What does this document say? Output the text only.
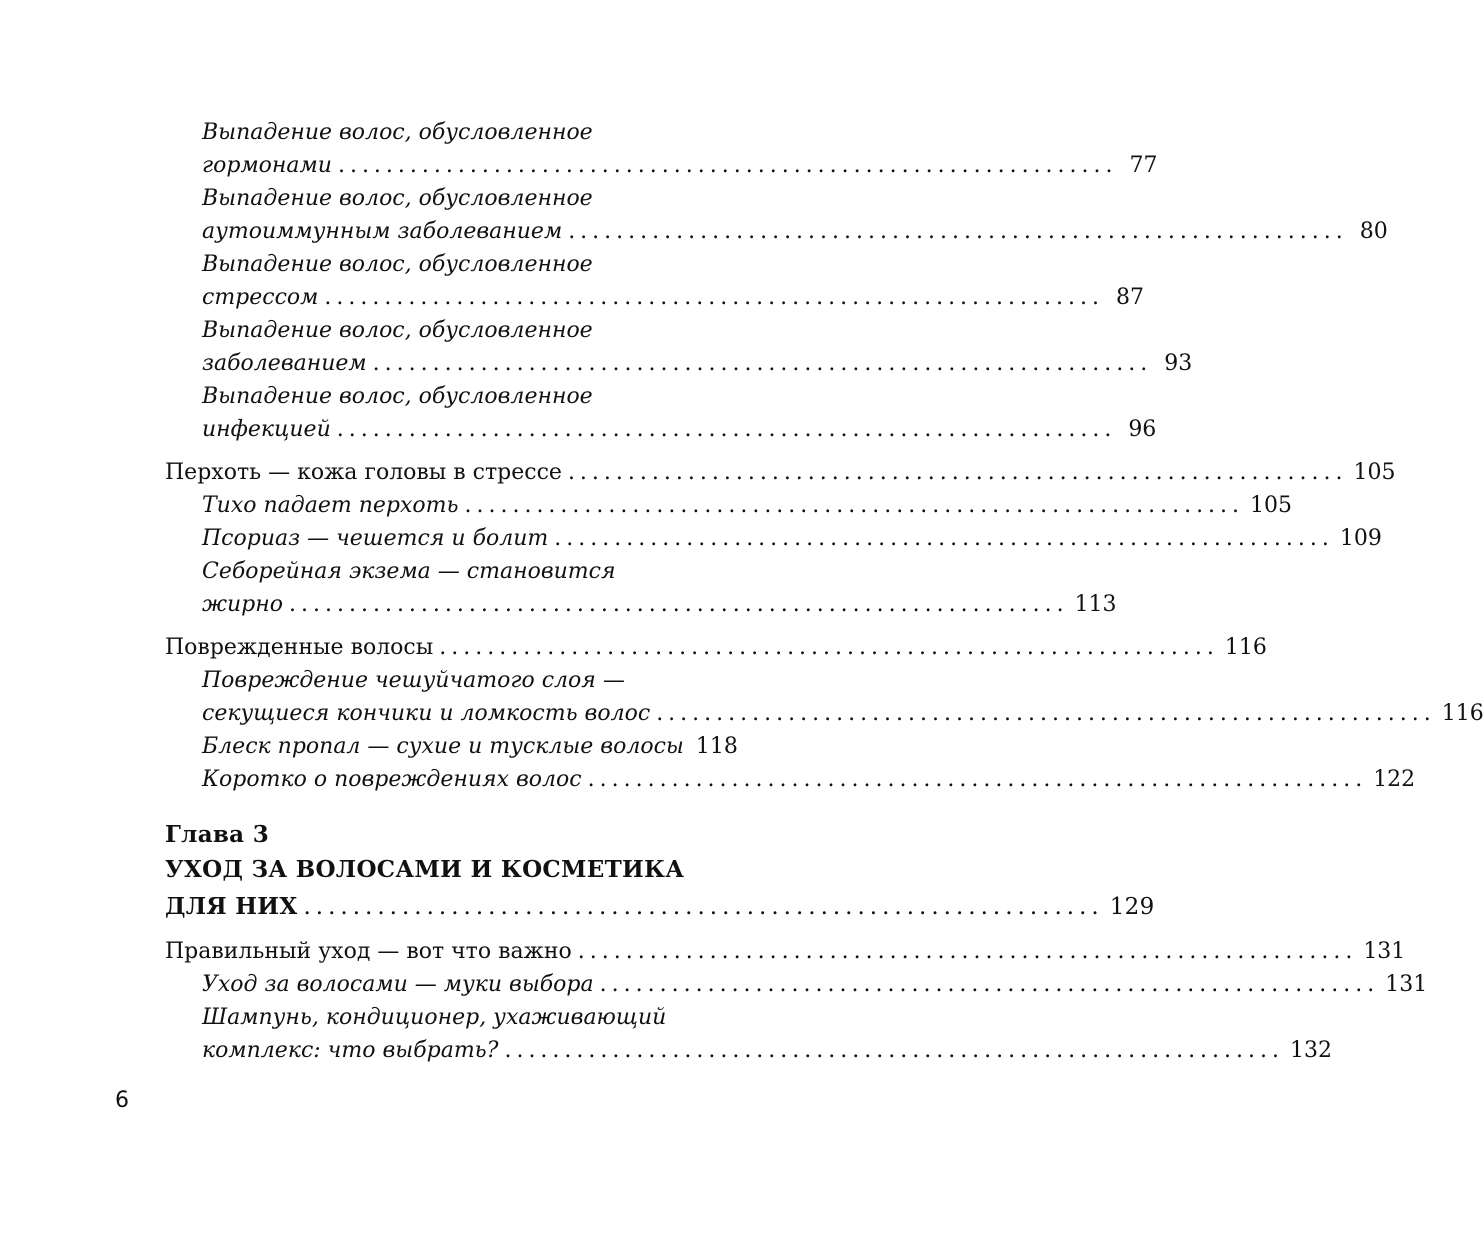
Выпадение волос, обусловленное
гормонами ................................................................. 77
Выпадение волос, обусловленное
аутоиммунным заболеванием ................................................................. 80
Выпадение волос, обусловленное
стрессом ................................................................. 87
Выпадение волос, обусловленное
заболеванием ................................................................. 93
Выпадение волос, обусловленное
инфекцией ................................................................. 96
Перхоть — кожа головы в стрессе ................................................................. 105
Тихо падает перхоть ................................................................. 105
Псориаз — чешется и болит ................................................................. 109
Себорейная экзема — становится
жирно ................................................................. 113
Поврежденные волосы ................................................................. 116
Повреждение чешуйчатого слоя —
секущиеся кончики и ломкость волос ................................................................. 116
Блеск пропал — сухие и тусклые волосы 118
Коротко о повреждениях волос ................................................................. 122
Глава 3
УХОД ЗА ВОЛОСАМИ И КОСМЕТИКА
ДЛЯ НИХ ................................................................. 129
Правильный уход — вот что важно ................................................................. 131
Уход за волосами — муки выбора ................................................................. 131
Шампунь, кондиционер, ухаживающий
комплекс: что выбрать? ................................................................. 132
6
